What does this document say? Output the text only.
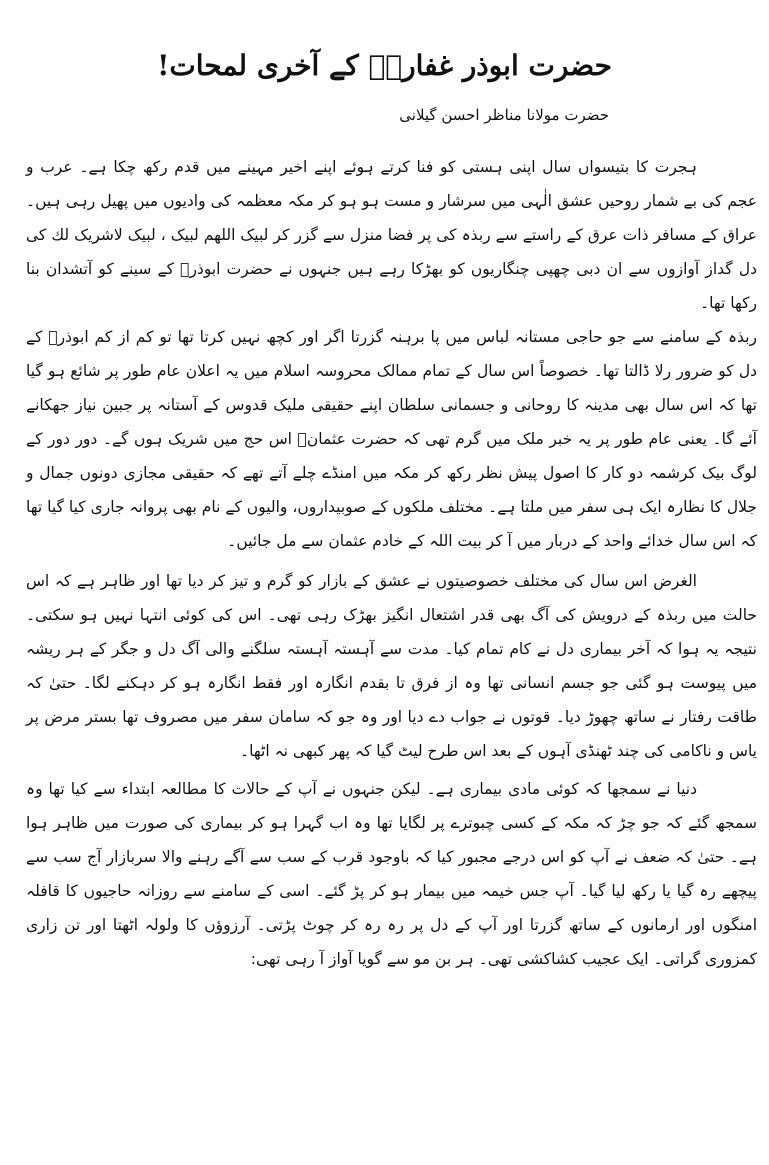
حضرت ابوذر غفاریؓ کے آخری لمحات!

حضرت مولانا مناظر احسن گیلانی

ہجرت کا بتیسواں سال اپنی ہستی کو فنا کرتے ہوئے اپنے اخیر مہینے میں قدم رکھ چکا ہے۔ عرب و عجم کی بے شمار روحیں عشق الٰہی میں سرشار و مست ہو ہو کر مکہ معظمہ کی وادیوں میں پھیل رہی ہیں۔ عراق کے مسافر ذات عرق کے راستے سے ربذہ کی پر فضا منزل سے گزر کر لبیک اللهم لبیک ، لبیک لاشریک لك کی دل گداز آوازوں سے ان دبی چھپی چنگاریوں کو بھڑکا رہے ہیں جنہوں نے حضرت ابوذرؓ کے سینے کو آتشدان بنا رکھا تھا۔

ربذہ کے سامنے سے جو حاجی مستانہ لباس میں پا برہنہ گزرتا اگر اور کچھ نہیں کرتا تھا تو کم از کم ابوذرؓ کے دل کو ضرور رلا ڈالتا تھا۔ خصوصاً اس سال کے تمام ممالک محروسہ اسلام میں یہ اعلان عام طور پر شائع ہو گیا تھا کہ اس سال بھی مدینہ کا روحانی و جسمانی سلطان اپنے حقیقی ملیک قدوس کے آستانہ پر جبین نیاز جھکانے آئے گا۔ یعنی عام طور پر یہ خبر ملک میں گرم تھی کہ حضرت عثمانؓ اس حج میں شریک ہوں گے۔ دور دور کے لوگ بیک کرشمہ دو کار کا اصول پیش نظر رکھ کر مکہ میں امنڈے چلے آتے تھے کہ حقیقی مجازی دونوں جمال و جلال کا نظارہ ایک ہی سفر میں ملتا ہے۔ مختلف ملکوں کے صوبیداروں، والیوں کے نام بھی پروانہ جاری کیا گیا تھا کہ اس سال خدائے واحد کے دربار میں آ کر بیت اللہ کے خادم عثمان سے مل جائیں۔

الغرض اس سال کی مختلف خصوصیتوں نے عشق کے بازار کو گرم و تیز کر دیا تھا اور ظاہر ہے کہ اس حالت میں ربذہ کے درویش کی آگ بھی قدر اشتعال انگیز بھڑک رہی تھی۔ اس کی کوئی انتہا نہیں ہو سکتی۔ نتیجہ یہ ہوا کہ آخر بیماری دل نے کام تمام کیا۔ مدت سے آہستہ آہستہ سلگنے والی آگ دل و جگر کے ہر ریشہ میں پیوست ہو گئی جو جسم انسانی تھا وہ از فرق تا بقدم انگارہ اور فقط انگارہ ہو کر دہکنے لگا۔ حتیٰ کہ طاقت رفتار نے ساتھ چھوڑ دیا۔ قوتوں نے جواب دے دیا اور وہ جو کہ سامان سفر میں مصروف تھا بستر مرض پر یاس و ناکامی کی چند ٹھنڈی آہوں کے بعد اس طرح لیٹ گیا کہ پھر کبھی نہ اٹھا۔

دنیا نے سمجھا کہ کوئی مادی بیماری ہے۔ لیکن جنہوں نے آپ کے حالات کا مطالعہ ابتداء سے کیا تھا وہ سمجھ گئے کہ جو چڑ کہ مکہ کے کسی چبوترے پر لگایا تھا وہ اب گہرا ہو کر بیماری کی صورت میں ظاہر ہوا ہے۔ حتیٰ کہ ضعف نے آپ کو اس درجے مجبور کیا کہ باوجود قرب کے سب سے آگے رہنے والا سربازار آج سب سے پیچھے رہ گیا یا رکھ لیا گیا۔ آپ جس خیمہ میں بیمار ہو کر پڑ گئے۔ اسی کے سامنے سے روزانہ حاجیوں کا قافلہ امنگوں اور ارمانوں کے ساتھ گزرتا اور آپ کے دل پر رہ رہ کر چوٹ پڑتی۔ آرزوؤں کا ولولہ اٹھتا اور تن زاری کمزوری گراتی۔ ایک عجیب کشاکشی تھی۔ ہر بن مو سے گویا آواز آ رہی تھی:
